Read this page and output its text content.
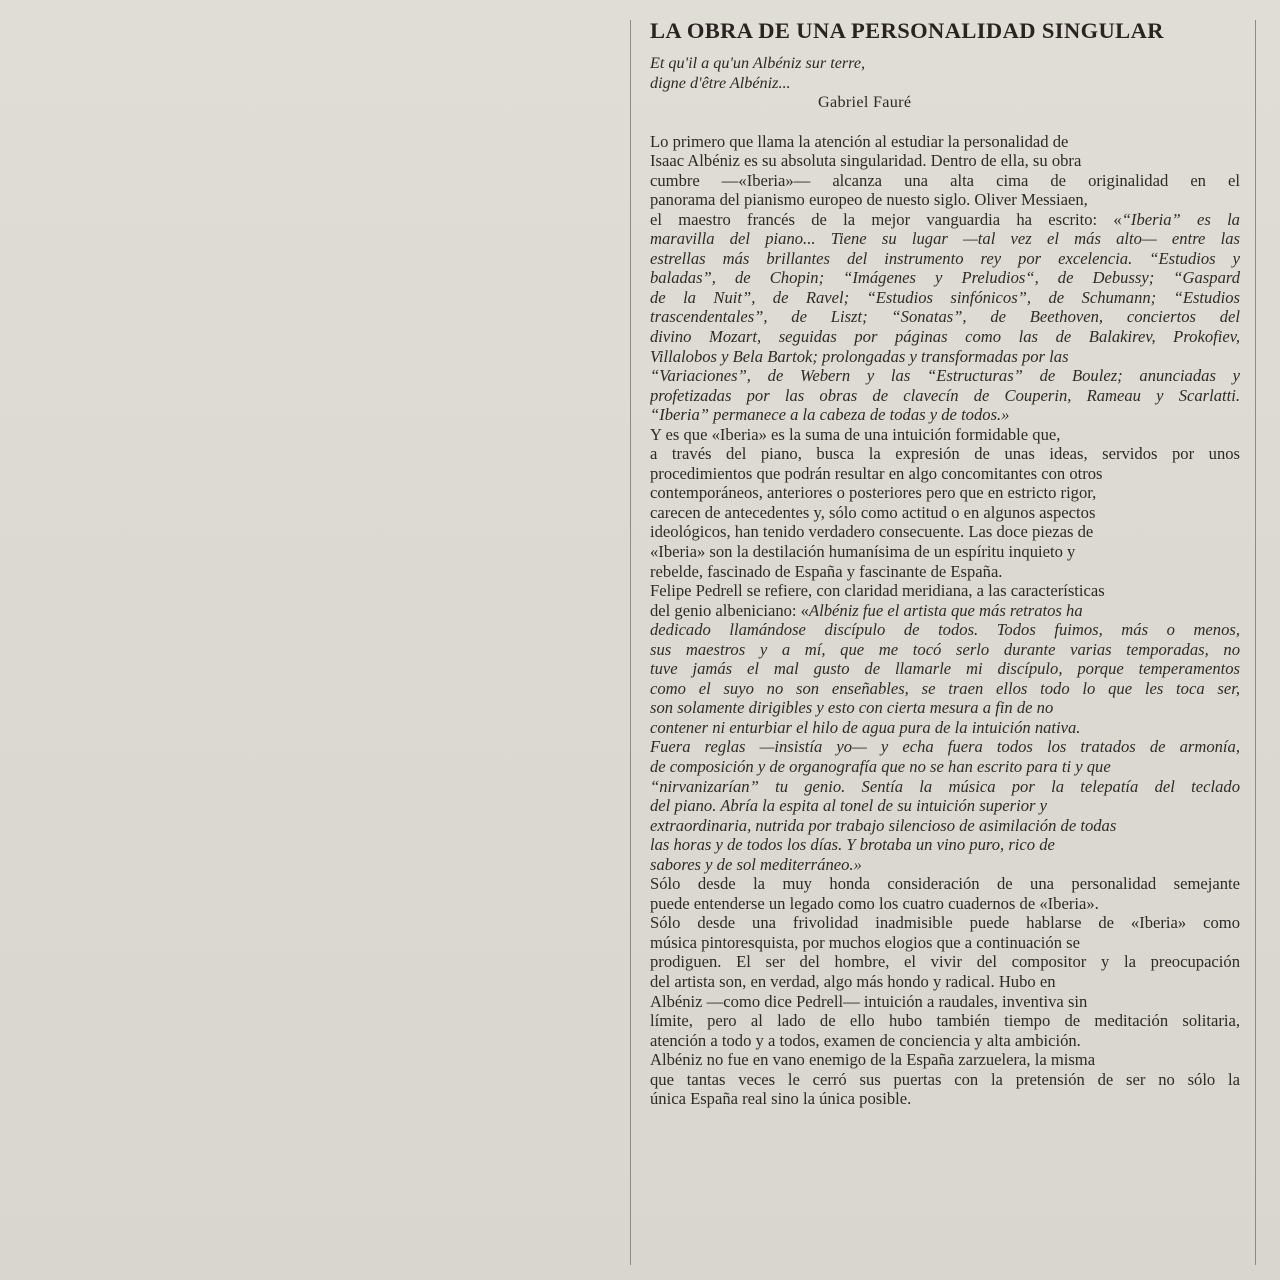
LA OBRA DE UNA PERSONALIDAD SINGULAR
Et qu'il a qu'un Albéniz sur terre,
digne d'être Albéniz...
Gabriel Fauré
Lo primero que llama la atención al estudiar la personalidad de
Isaac Albéniz es su absoluta singularidad. Dentro de ella, su obra
cumbre —«Iberia»— alcanza una alta cima de originalidad en el
panorama del pianismo europeo de nuesto siglo. Oliver Messiaen,
el maestro francés de la mejor vanguardia ha escrito: «“Iberia” es la
maravilla del piano... Tiene su lugar —tal vez el más alto— entre las
estrellas más brillantes del instrumento rey por excelencia. “Estudios y
baladas”, de Chopin; “Imágenes y Preludios“, de Debussy; “Gaspard
de la Nuit”, de Ravel; “Estudios sinfónicos”, de Schumann; “Estudios
trascendentales”, de Liszt; “Sonatas”, de Beethoven, conciertos del
divino Mozart, seguidas por páginas como las de Balakirev, Prokofiev,
Villalobos y Bela Bartok; prolongadas y transformadas por las
“Variaciones”, de Webern y las “Estructuras” de Boulez; anunciadas y
profetizadas por las obras de clavecín de Couperin, Rameau y Scarlatti.
“Iberia” permanece a la cabeza de todas y de todos.»
Y es que «Iberia» es la suma de una intuición formidable que,
a través del piano, busca la expresión de unas ideas, servidos por unos
procedimientos que podrán resultar en algo concomitantes con otros
contemporáneos, anteriores o posteriores pero que en estricto rigor,
carecen de antecedentes y, sólo como actitud o en algunos aspectos
ideológicos, han tenido verdadero consecuente. Las doce piezas de
«Iberia» son la destilación humanísima de un espíritu inquieto y
rebelde, fascinado de España y fascinante de España.
Felipe Pedrell se refiere, con claridad meridiana, a las características
del genio albeniciano: «Albéniz fue el artista que más retratos ha
dedicado llamándose discípulo de todos. Todos fuimos, más o menos,
sus maestros y a mí, que me tocó serlo durante varias temporadas, no
tuve jamás el mal gusto de llamarle mi discípulo, porque temperamentos
como el suyo no son enseñables, se traen ellos todo lo que les toca ser,
son solamente dirigibles y esto con cierta mesura a fin de no
contener ni enturbiar el hilo de agua pura de la intuición nativa.
Fuera reglas —insistía yo— y echa fuera todos los tratados de armonía,
de composición y de organografía que no se han escrito para ti y que
“nirvanizarían” tu genio. Sentía la música por la telepatía del teclado
del piano. Abría la espita al tonel de su intuición superior y
extraordinaria, nutrida por trabajo silencioso de asimilación de todas
las horas y de todos los días. Y brotaba un vino puro, rico de
sabores y de sol mediterráneo.»
Sólo desde la muy honda consideración de una personalidad semejante
puede entenderse un legado como los cuatro cuadernos de «Iberia».
Sólo desde una frivolidad inadmisible puede hablarse de «Iberia» como
música pintoresquista, por muchos elogios que a continuación se
prodiguen. El ser del hombre, el vivir del compositor y la preocupación
del artista son, en verdad, algo más hondo y radical. Hubo en
Albéniz —como dice Pedrell— intuición a raudales, inventiva sin
límite, pero al lado de ello hubo también tiempo de meditación solitaria,
atención a todo y a todos, examen de conciencia y alta ambición.
Albéniz no fue en vano enemigo de la España zarzuelera, la misma
que tantas veces le cerró sus puertas con la pretensión de ser no sólo la
única España real sino la única posible.
